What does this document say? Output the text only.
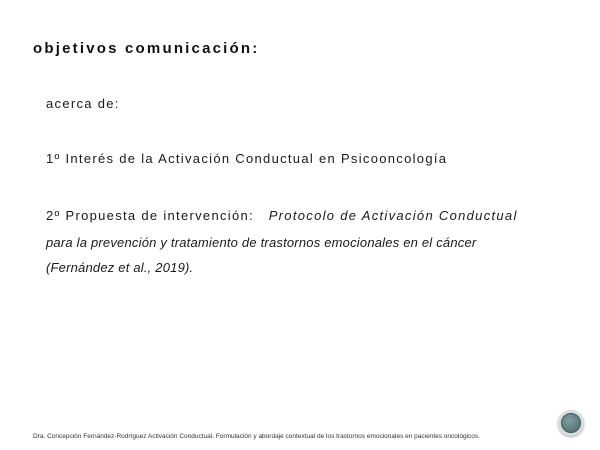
objetivos comunicación:
acerca de:
1º Interés de la Activación Conductual en Psicooncología
2º Propuesta de intervención: Protocolo de Activación Conductual
para la prevención y tratamiento de trastornos emocionales en el cáncer
(Fernández et al., 2019).
Dra. Concepción Fernández-Rodríguez Activación Conductual. Formulación y abordaje contextual de los trastornos emocionales en pacientes oncológicos.
